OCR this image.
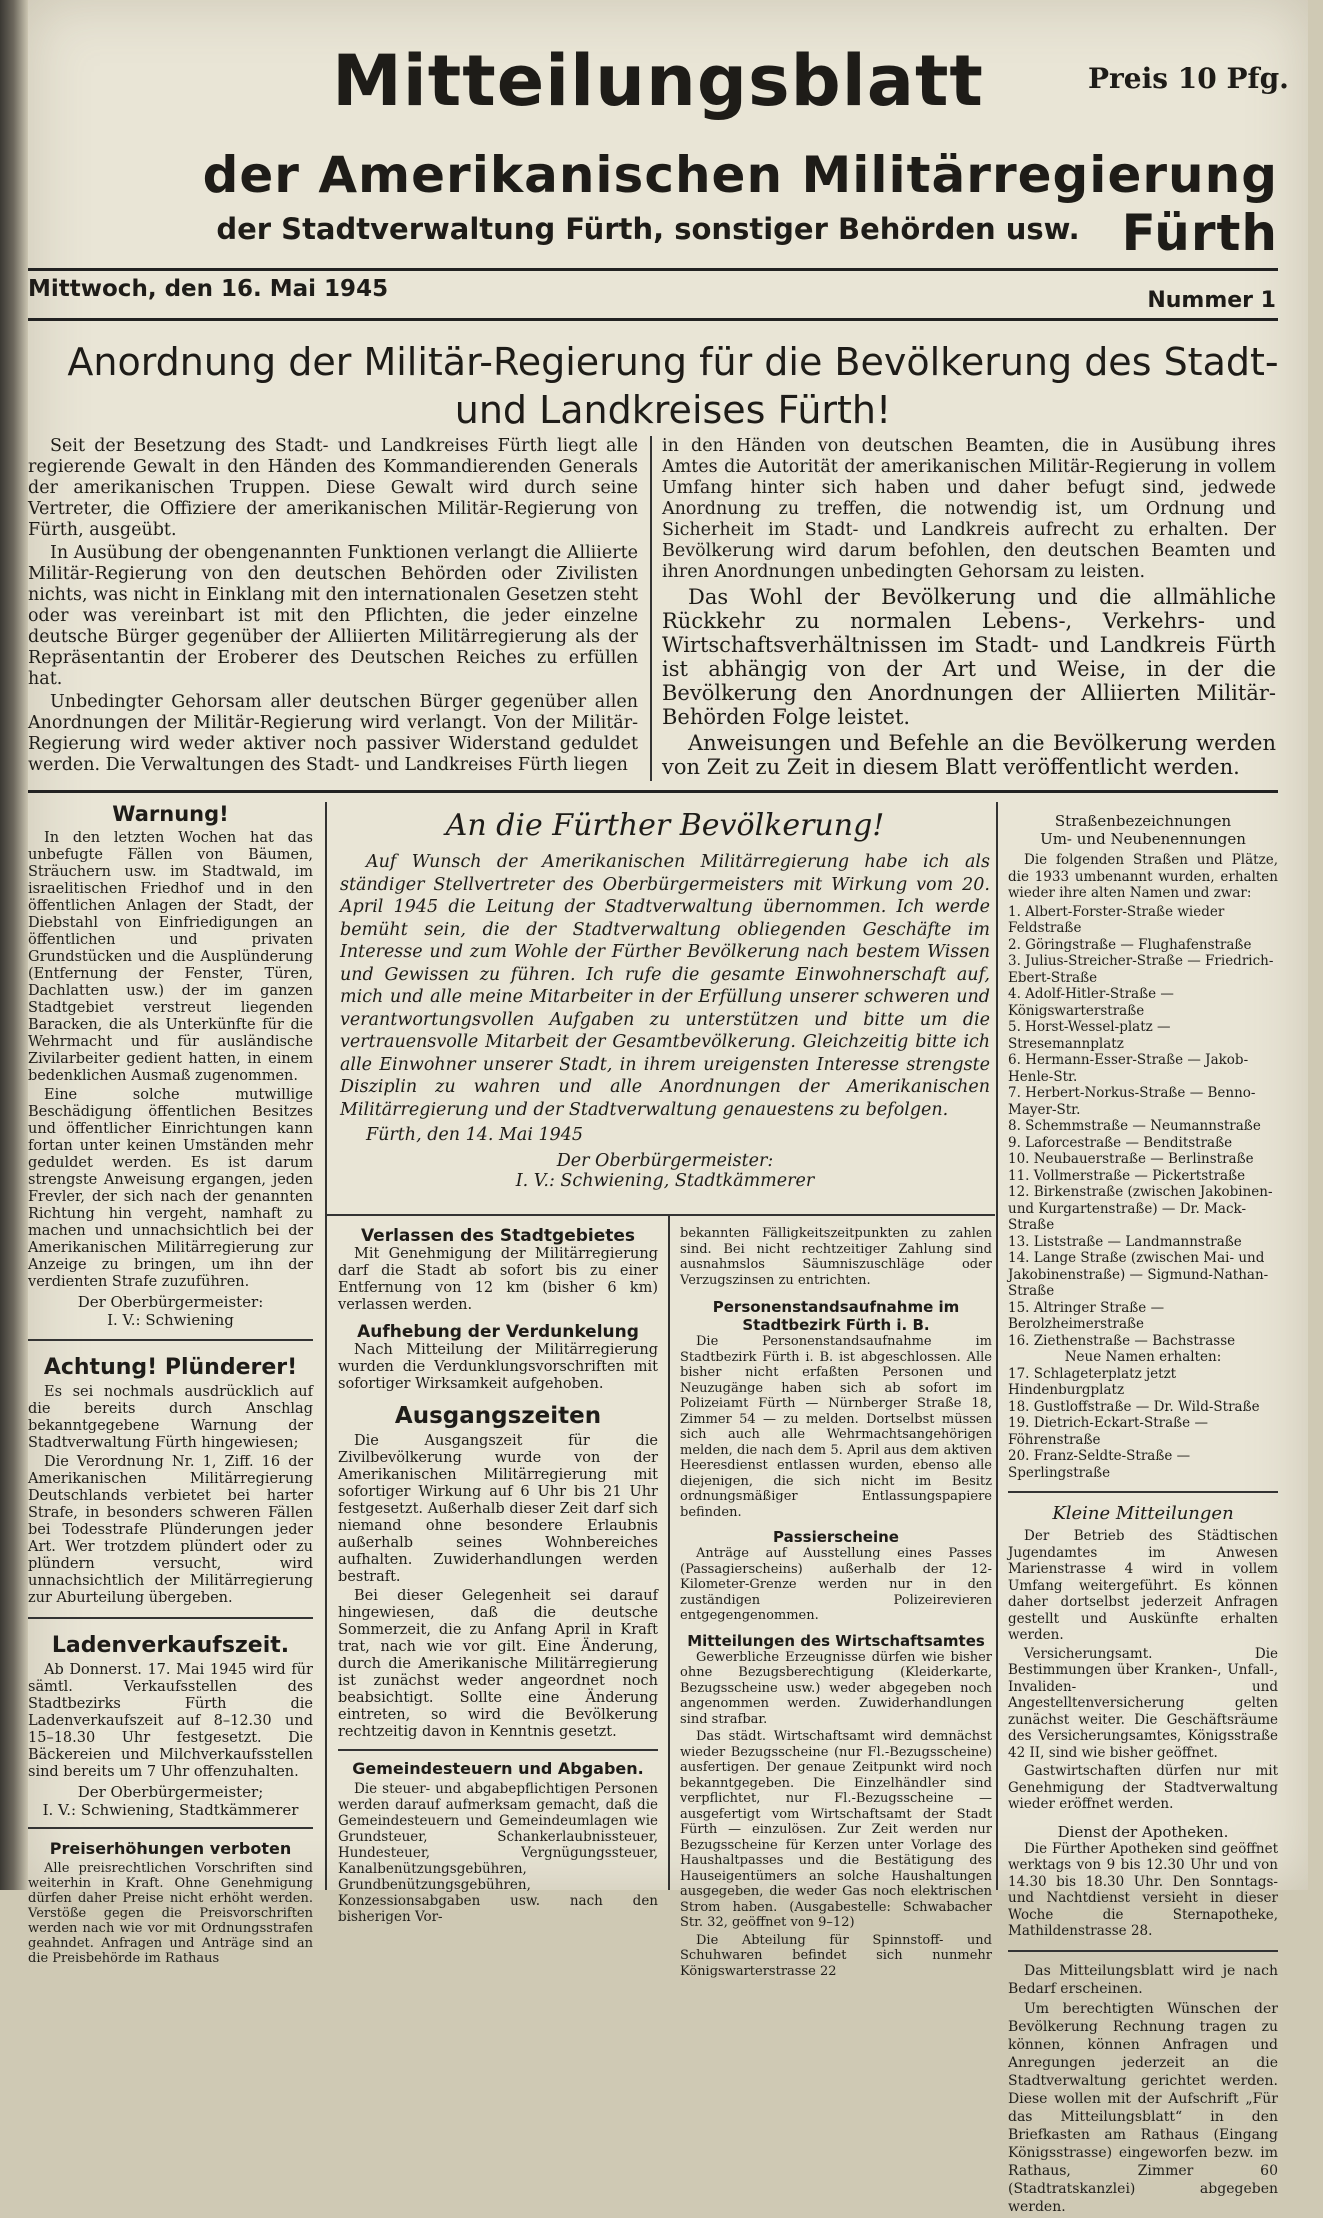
Mitteilungsblatt	Preis 10 Pfg.
der Amerikanischen Militärregierung Fürth
der Stadtverwaltung Fürth, sonstiger Behörden usw.
Mittwoch, den 16. Mai 1945	Nummer 1
Anordnung der Militär-Regierung für die Bevölkerung des Stadt- und Landkreises Fürth!

Seit der Besetzung des Stadt- und Landkreises Fürth liegt alle regierende Gewalt in den Händen des Kommandierenden Generals der amerikanischen Truppen. Diese Gewalt wird durch seine Vertreter, die Offiziere der amerikanischen Militär-Regierung von Fürth, ausgeübt.

In Ausübung der obengenannten Funktionen verlangt die Alliierte Militär-Regierung von den deutschen Behörden oder Zivilisten nichts, was nicht in Einklang mit den internationalen Gesetzen steht oder was vereinbart ist mit den Pflichten, die jeder einzelne deutsche Bürger gegenüber der Alliierten Militärregierung als der Repräsentantin der Eroberer des Deutschen Reiches zu erfüllen hat.

Unbedingter Gehorsam aller deutschen Bürger gegenüber allen Anordnungen der Militär-Regierung wird verlangt. Von der Militär-Regierung wird weder aktiver noch passiver Widerstand geduldet werden. Die Verwaltungen des Stadt- und Landkreises Fürth liegen

in den Händen von deutschen Beamten, die in Ausübung ihres Amtes die Autorität der amerikanischen Militär-Regierung in vollem Umfang hinter sich haben und daher befugt sind, jedwede Anordnung zu treffen, die notwendig ist, um Ordnung und Sicherheit im Stadt- und Landkreis aufrecht zu erhalten. Der Bevölkerung wird darum befohlen, den deutschen Beamten und ihren Anordnungen unbedingten Gehorsam zu leisten.

Das Wohl der Bevölkerung und die allmähliche Rückkehr zu normalen Lebens-, Verkehrs- und Wirtschaftsverhältnissen im Stadt- und Landkreis Fürth ist abhängig von der Art und Weise, in der die Bevölkerung den Anordnungen der Alliierten Militär-Behörden Folge leistet.

Anweisungen und Befehle an die Bevölkerung werden von Zeit zu Zeit in diesem Blatt veröffentlicht werden.

Warnung!

In den letzten Wochen hat das unbefugte Fällen von Bäumen, Sträuchern usw. im Stadtwald, im israelitischen Friedhof und in den öffentlichen Anlagen der Stadt, der Diebstahl von Einfriedigungen an öffentlichen und privaten Grundstücken und die Ausplünderung (Entfernung der Fenster, Türen, Dachlatten usw.) der im ganzen Stadtgebiet verstreut liegenden Baracken, die als Unterkünfte für die Wehrmacht und für ausländische Zivilarbeiter gedient hatten, in einem bedenklichen Ausmaß zugenommen.

Eine solche mutwillige Beschädigung öffentlichen Besitzes und öffentlicher Einrichtungen kann fortan unter keinen Umständen mehr geduldet werden. Es ist darum strengste Anweisung ergangen, jeden Frevler, der sich nach der genannten Richtung hin vergeht, namhaft zu machen und unnachsichtlich bei der Amerikanischen Militärregierung zur Anzeige zu bringen, um ihn der verdienten Strafe zuzuführen.

Der Oberbürgermeister:
I. V.: Schwiening
Achtung! Plünderer!

Es sei nochmals ausdrücklich auf die bereits durch Anschlag bekanntgegebene Warnung der Stadtverwaltung Fürth hingewiesen;

Die Verordnung Nr. 1, Ziff. 16 der Amerikanischen Militärregierung Deutschlands verbietet bei harter Strafe, in besonders schweren Fällen bei Todesstrafe Plünderungen jeder Art. Wer trotzdem plündert oder zu plündern versucht, wird unnachsichtlich der Militärregierung zur Aburteilung übergeben.

Ladenverkaufszeit.

Ab Donnerst. 17. Mai 1945 wird für sämtl. Verkaufsstellen des Stadtbezirks Fürth die Ladenverkaufszeit auf 8–12.30 und 15–18.30 Uhr festgesetzt. Die Bäckereien und Milchverkaufsstellen sind bereits um 7 Uhr offenzuhalten.

Der Oberbürgermeister;
I. V.: Schwiening, Stadtkämmerer
Preiserhöhungen verboten

Alle preisrechtlichen Vorschriften sind weiterhin in Kraft. Ohne Genehmigung dürfen daher Preise nicht erhöht werden. Verstöße gegen die Preisvorschriften werden nach wie vor mit Ordnungsstrafen geahndet. Anfragen und Anträge sind an die Preisbehörde im Rathaus

An die Fürther Bevölkerung!
Auf Wunsch der Amerikanischen Militärregierung habe ich als ständiger Stellvertreter des Oberbürgermeisters mit Wirkung vom 20. April 1945 die Leitung der Stadtverwaltung übernommen. Ich werde bemüht sein, die der Stadtverwaltung obliegenden Geschäfte im Interesse und zum Wohle der Fürther Bevölkerung nach bestem Wissen und Gewissen zu führen. Ich rufe die gesamte Einwohnerschaft auf, mich und alle meine Mitarbeiter in der Erfüllung unserer schweren und verantwortungsvollen Aufgaben zu unterstützen und bitte um die vertrauensvolle Mitarbeit der Gesamtbevölkerung. Gleichzeitig bitte ich alle Einwohner unserer Stadt, in ihrem ureigensten Interesse strengste Disziplin zu wahren und alle Anordnungen der Amerikanischen Militärregierung und der Stadtverwaltung genauestens zu befolgen.
Fürth, den 14. Mai 1945
Der Oberbürgermeister:
I. V.: Schwiening, Stadtkämmerer
Verlassen des Stadtgebietes

Mit Genehmigung der Militärregierung darf die Stadt ab sofort bis zu einer Entfernung von 12 km (bisher 6 km) verlassen werden.

Aufhebung der Verdunkelung

Nach Mitteilung der Militärregierung wurden die Verdunklungsvorschriften mit sofortiger Wirksamkeit aufgehoben.

Ausgangszeiten

Die Ausgangszeit für die Zivilbevölkerung wurde von der Amerikanischen Militärregierung mit sofortiger Wirkung auf 6 Uhr bis 21 Uhr festgesetzt. Außerhalb dieser Zeit darf sich niemand ohne besondere Erlaubnis außerhalb seines Wohnbereiches aufhalten. Zuwiderhandlungen werden bestraft.

Bei dieser Gelegenheit sei darauf hingewiesen, daß die deutsche Sommerzeit, die zu Anfang April in Kraft trat, nach wie vor gilt. Eine Änderung, durch die Amerikanische Militärregierung ist zunächst weder angeordnet noch beabsichtigt. Sollte eine Änderung eintreten, so wird die Bevölkerung rechtzeitig davon in Kenntnis gesetzt.

Gemeindesteuern und Abgaben.

Die steuer- und abgabepflichtigen Personen werden darauf aufmerksam gemacht, daß die Gemeindesteuern und Gemeindeumlagen wie Grundsteuer, Schankerlaubnissteuer, Hundesteuer, Vergnügungssteuer, Kanalbenützungsgebühren, Grundbenützungsgebühren, Konzessionsabgaben usw. nach den bisherigen Vor-

bekannten Fälligkeitszeitpunkten zu zahlen sind. Bei nicht rechtzeitiger Zahlung sind ausnahmslos Säumniszuschläge oder Verzugszinsen zu entrichten.

Personenstandsaufnahme im Stadtbezirk Fürth i. B.

Die Personenstandsaufnahme im Stadtbezirk Fürth i. B. ist abgeschlossen. Alle bisher nicht erfaßten Personen und Neuzugänge haben sich ab sofort im Polizeiamt Fürth — Nürnberger Straße 18, Zimmer 54 — zu melden. Dortselbst müssen sich auch alle Wehrmachtsangehörigen melden, die nach dem 5. April aus dem aktiven Heeresdienst entlassen wurden, ebenso alle diejenigen, die sich nicht im Besitz ordnungsmäßiger Entlassungspapiere befinden.

Passierscheine

Anträge auf Ausstellung eines Passes (Passagierscheins) außerhalb der 12-Kilometer-Grenze werden nur in den zuständigen Polizeirevieren entgegengenommen.

Mitteilungen des Wirtschaftsamtes

Gewerbliche Erzeugnisse dürfen wie bisher ohne Bezugsberechtigung (Kleiderkarte, Bezugsscheine usw.) weder abgegeben noch angenommen werden. Zuwiderhandlungen sind strafbar.

Das städt. Wirtschaftsamt wird demnächst wieder Bezugsscheine (nur Fl.-Bezugsscheine) ausfertigen. Der genaue Zeitpunkt wird noch bekanntgegeben. Die Einzelhändler sind verpflichtet, nur Fl.-Bezugsscheine — ausgefertigt vom Wirtschaftsamt der Stadt Fürth — einzulösen. Zur Zeit werden nur Bezugsscheine für Kerzen unter Vorlage des Haushaltpasses und die Bestätigung des Hauseigentümers an solche Haushaltungen ausgegeben, die weder Gas noch elektrischen Strom haben. (Ausgabestelle: Schwabacher Str. 32, geöffnet von 9–12)

Die Abteilung für Spinnstoff- und Schuhwaren befindet sich nunmehr Königswarterstrasse 22

Straßenbezeichnungen
Um- und Neubenennungen

Die folgenden Straßen und Plätze, die 1933 umbenannt wurden, erhalten wieder ihre alten Namen und zwar:

1. Albert-Forster-Straße wieder Feldstraße
2. Göringstraße — Flughafenstraße
3. Julius-Streicher-Straße — Friedrich-Ebert-Straße
4. Adolf-Hitler-Straße — Königswarterstraße
5. Horst-Wessel-platz — Stresemannplatz
6. Hermann-Esser-Straße — Jakob-Henle-Str.
7. Herbert-Norkus-Straße — Benno-Mayer-Str.
8. Schemmstraße — Neumannstraße
9. Laforcestraße — Benditstraße
10. Neubauerstraße — Berlinstraße
11. Vollmerstraße — Pickertstraße
12. Birkenstraße (zwischen Jakobinen- und Kurgartenstraße) — Dr. Mack-Straße
13. Liststraße — Landmannstraße
14. Lange Straße (zwischen Mai- und Jakobinenstraße) — Sigmund-Nathan-Straße
15. Altringer Straße — Berolzheimerstraße
16. Ziethenstraße — Bachstrasse
Neue Namen erhalten:
17. Schlageterplatz jetzt Hindenburgplatz
18. Gustloffstraße — Dr. Wild-Straße
19. Dietrich-Eckart-Straße — Föhrenstraße
20. Franz-Seldte-Straße — Sperlingstraße
Kleine Mitteilungen

Der Betrieb des Städtischen Jugendamtes im Anwesen Marienstrasse 4 wird in vollem Umfang weitergeführt. Es können daher dortselbst jederzeit Anfragen gestellt und Auskünfte erhalten werden.

Versicherungsamt. Die Bestimmungen über Kranken-, Unfall-, Invaliden- und Angestelltenversicherung gelten zunächst weiter. Die Geschäftsräume des Versicherungsamtes, Königsstraße 42 II, sind wie bisher geöffnet.

Gastwirtschaften dürfen nur mit Genehmigung der Stadtverwaltung wieder eröffnet werden.

Dienst der Apotheken.

Die Fürther Apotheken sind geöffnet werktags von 9 bis 12.30 Uhr und von 14.30 bis 18.30 Uhr. Den Sonntags- und Nachtdienst versieht in dieser Woche die Sternapotheke, Mathildenstrasse 28.

Das Mitteilungsblatt wird je nach Bedarf erscheinen.

Um berechtigten Wünschen der Bevölkerung Rechnung tragen zu können, können Anfragen und Anregungen jederzeit an die Stadtverwaltung gerichtet werden. Diese wollen mit der Aufschrift „Für das Mitteilungsblatt“ in den Briefkasten am Rathaus (Eingang Königsstrasse) eingeworfen bezw. im Rathaus, Zimmer 60 (Stadtratskanzlei) abgegeben werden.
